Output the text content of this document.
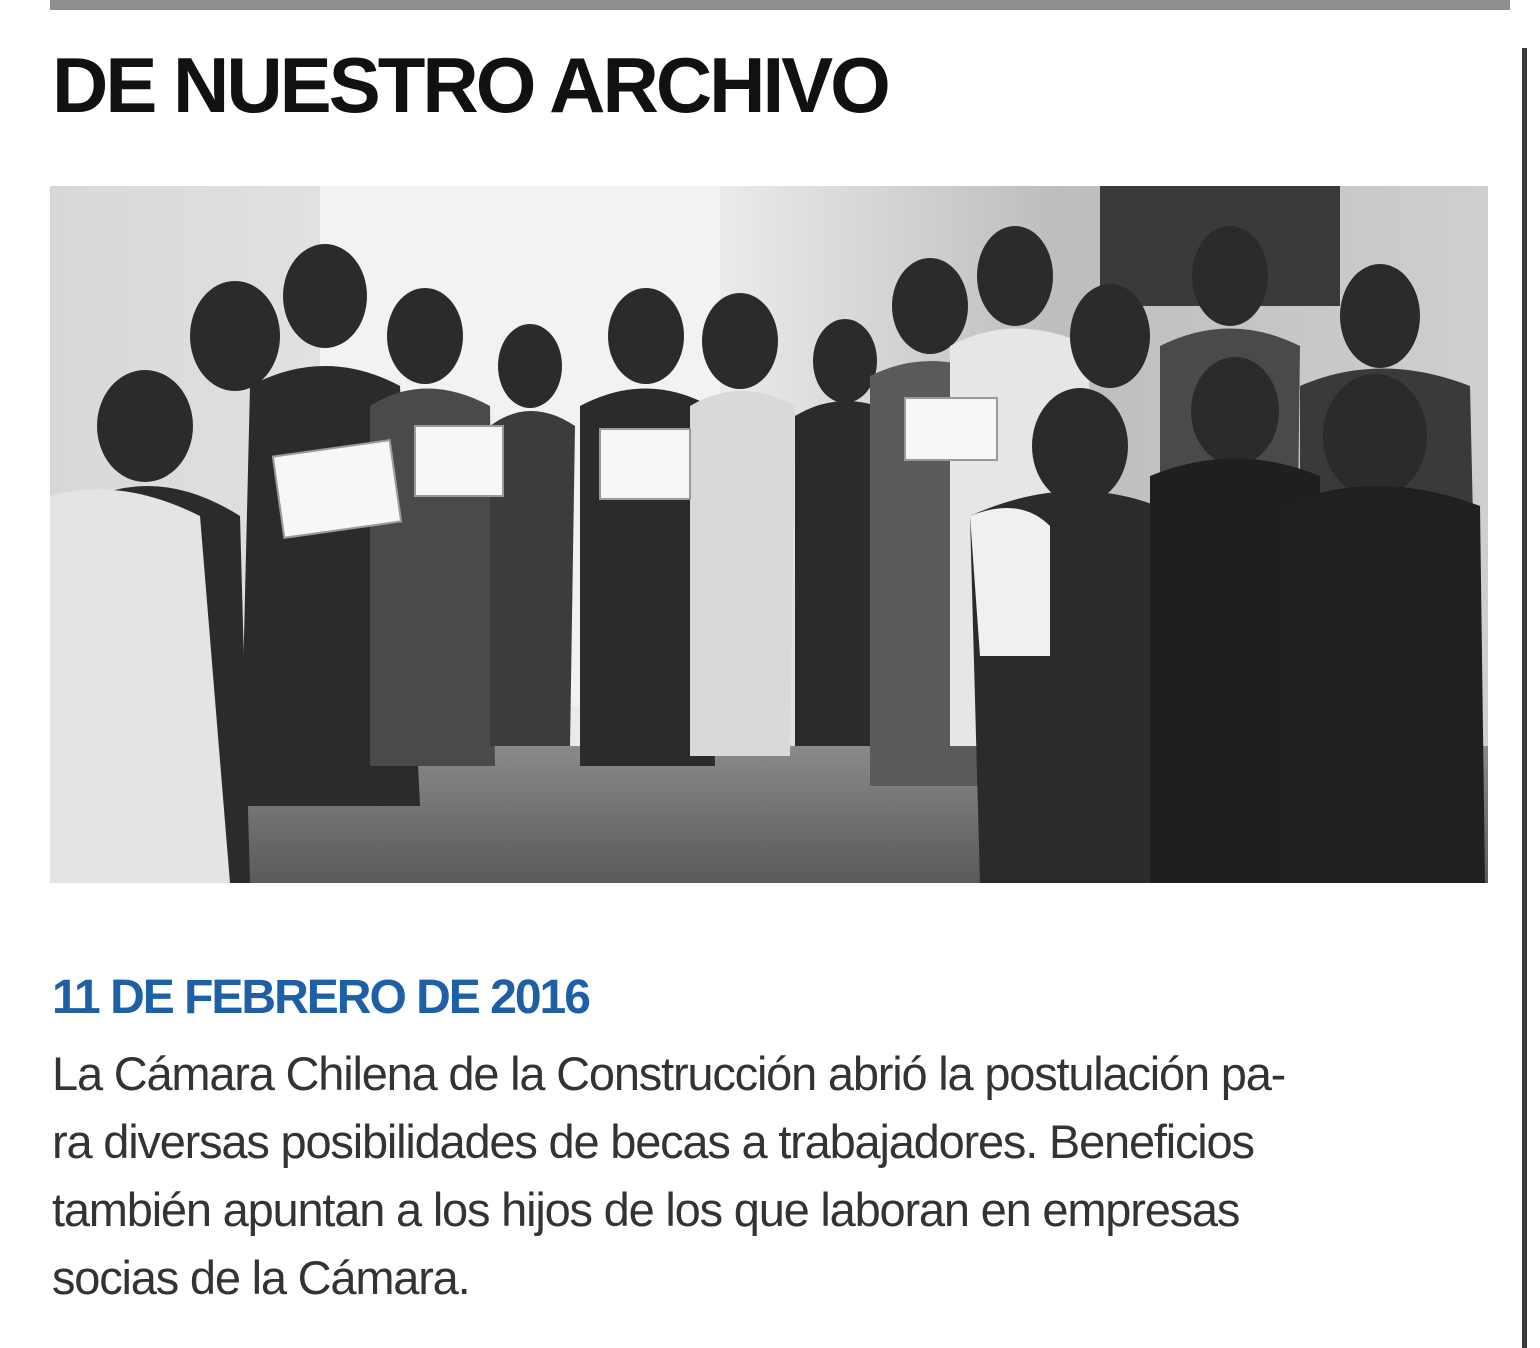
DE NUESTRO ARCHIVO
11 DE FEBRERO DE 2016

La Cámara Chilena de la Construcción abrió la postulación pa-
ra diversas posibilidades de becas a trabajadores. Beneficios
también apuntan a los hijos de los que laboran en empresas
socias de la Cámara.
